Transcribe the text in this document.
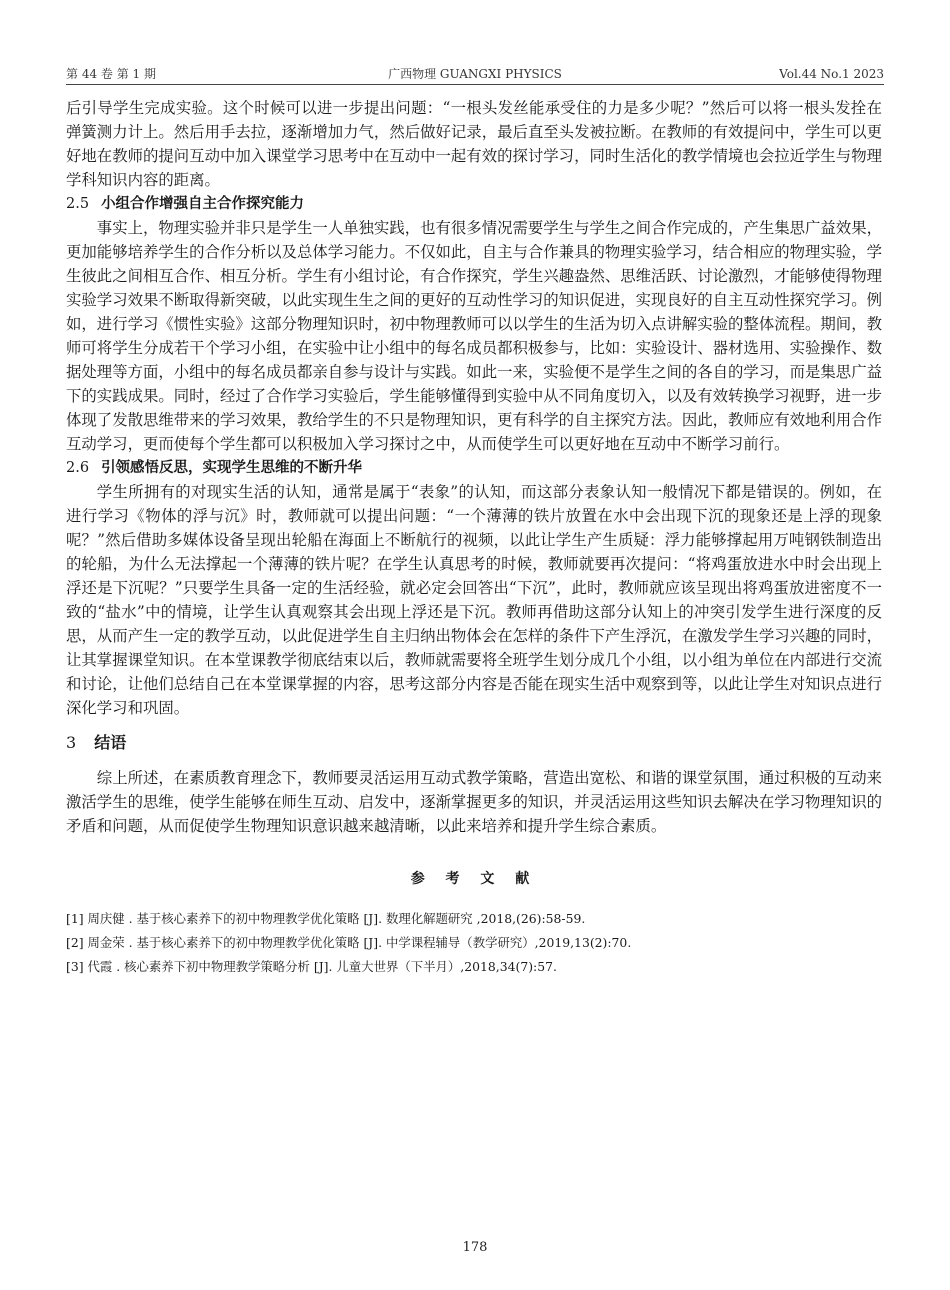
第 44 卷 第 1 期	广西物理 GUANGXI PHYSICS	Vol.44 No.1 2023

后引导学生完成实验。这个时候可以进一步提出问题：“一根头发丝能承受住的力是多少呢？”然后可以将一根头发拴在弹簧测力计上。然后用手去拉，逐渐增加力气，然后做好记录，最后直至头发被拉断。在教师的有效提问中，学生可以更好地在教师的提问互动中加入课堂学习思考中在互动中一起有效的探讨学习，同时生活化的教学情境也会拉近学生与物理学科知识内容的距离。

2.5 小组合作增强自主合作探究能力

事实上，物理实验并非只是学生一人单独实践，也有很多情况需要学生与学生之间合作完成的，产生集思广益效果，更加能够培养学生的合作分析以及总体学习能力。不仅如此，自主与合作兼具的物理实验学习，结合相应的物理实验，学生彼此之间相互合作、相互分析。学生有小组讨论，有合作探究，学生兴趣盎然、思维活跃、讨论激烈，才能够使得物理实验学习效果不断取得新突破，以此实现生生之间的更好的互动性学习的知识促进，实现良好的自主互动性探究学习。例如，进行学习《惯性实验》这部分物理知识时，初中物理教师可以以学生的生活为切入点讲解实验的整体流程。期间，教师可将学生分成若干个学习小组，在实验中让小组中的每名成员都积极参与，比如：实验设计、器材选用、实验操作、数据处理等方面，小组中的每名成员都亲自参与设计与实践。如此一来，实验便不是学生之间的各自的学习，而是集思广益下的实践成果。同时，经过了合作学习实验后，学生能够懂得到实验中从不同角度切入，以及有效转换学习视野，进一步体现了发散思维带来的学习效果，教给学生的不只是物理知识，更有科学的自主探究方法。因此，教师应有效地利用合作互动学习，更而使每个学生都可以积极加入学习探讨之中，从而使学生可以更好地在互动中不断学习前行。

2.6 引领感悟反思，实现学生思维的不断升华

学生所拥有的对现实生活的认知，通常是属于“表象”的认知，而这部分表象认知一般情况下都是错误的。例如，在进行学习《物体的浮与沉》时，教师就可以提出问题：“一个薄薄的铁片放置在水中会出现下沉的现象还是上浮的现象呢？”然后借助多媒体设备呈现出轮船在海面上不断航行的视频，以此让学生产生质疑：浮力能够撑起用万吨钢铁制造出的轮船，为什么无法撑起一个薄薄的铁片呢？在学生认真思考的时候，教师就要再次提问：“将鸡蛋放进水中时会出现上浮还是下沉呢？”只要学生具备一定的生活经验，就必定会回答出“下沉”，此时，教师就应该呈现出将鸡蛋放进密度不一致的“盐水”中的情境，让学生认真观察其会出现上浮还是下沉。教师再借助这部分认知上的冲突引发学生进行深度的反思，从而产生一定的教学互动，以此促进学生自主归纳出物体会在怎样的条件下产生浮沉，在激发学生学习兴趣的同时，让其掌握课堂知识。在本堂课教学彻底结束以后，教师就需要将全班学生划分成几个小组，以小组为单位在内部进行交流和讨论，让他们总结自己在本堂课掌握的内容，思考这部分内容是否能在现实生活中观察到等，以此让学生对知识点进行深化学习和巩固。

3 结语

综上所述，在素质教育理念下，教师要灵活运用互动式教学策略，营造出宽松、和谐的课堂氛围，通过积极的互动来激活学生的思维，使学生能够在师生互动、启发中，逐渐掌握更多的知识，并灵活运用这些知识去解决在学习物理知识的矛盾和问题，从而促使学生物理知识意识越来越清晰，以此来培养和提升学生综合素质。

参 考 文 献

[1] 周庆健 . 基于核心素养下的初中物理教学优化策略 [J]. 数理化解题研究 ,2018,(26):58-59.

[2] 周金荣 . 基于核心素养下的初中物理教学优化策略 [J]. 中学课程辅导（教学研究）,2019,13(2):70.

[3] 代霞 . 核心素养下初中物理教学策略分析 [J]. 儿童大世界（下半月）,2018,34(7):57.

178
